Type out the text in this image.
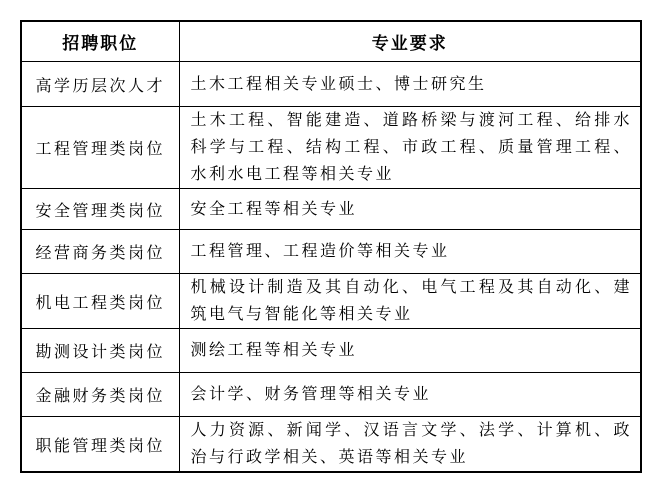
招聘职位	专业要求
高学历层次人才	土木工程相关专业硕士、博士研究生
工程管理类岗位	土木工程、智能建造、道路桥梁与渡河工程、给排水科学与工程、结构工程、市政工程、质量管理工程、水利水电工程等相关专业
安全管理类岗位	安全工程等相关专业
经营商务类岗位	工程管理、工程造价等相关专业
机电工程类岗位	机械设计制造及其自动化、电气工程及其自动化、建筑电气与智能化等相关专业
勘测设计类岗位	测绘工程等相关专业
金融财务类岗位	会计学、财务管理等相关专业
职能管理类岗位	人力资源、新闻学、汉语言文学、法学、计算机、政治与行政学相关、英语等相关专业
